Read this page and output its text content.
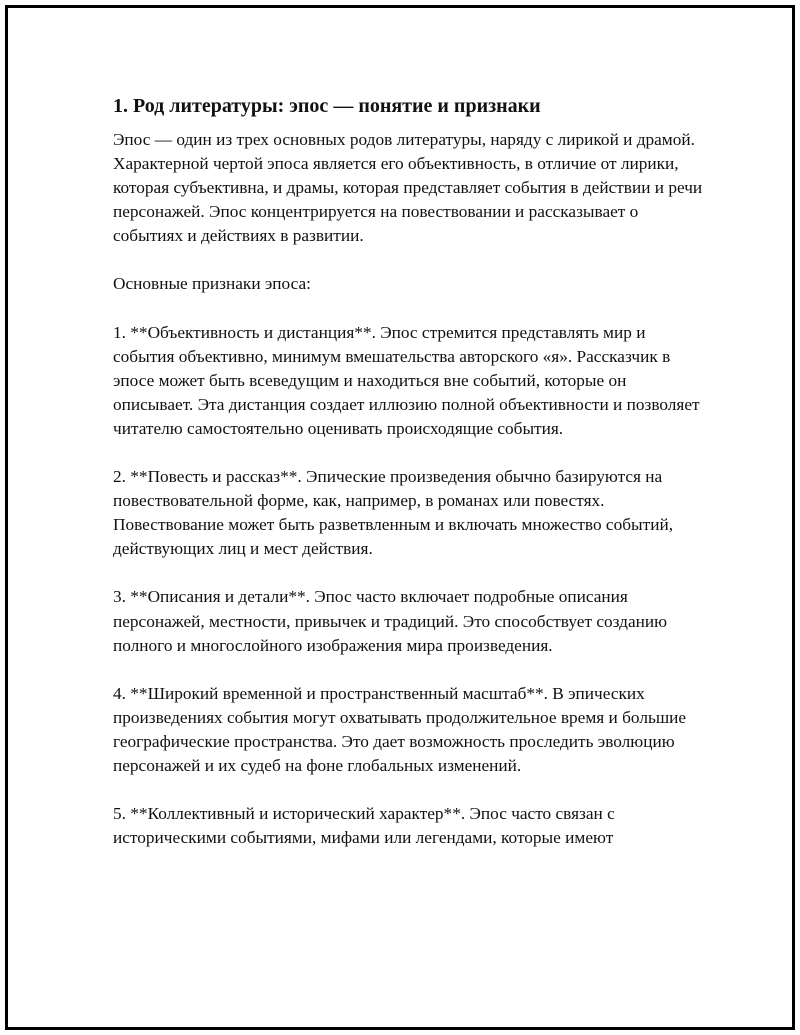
1. Род литературы: эпос — понятие и признаки

Эпос — один из трех основных родов литературы, наряду с лирикой и драмой. Характерной чертой эпоса является его объективность, в отличие от лирики, которая субъективна, и драмы, которая представляет события в действии и речи персонажей. Эпос концентрируется на повествовании и рассказывает о событиях и действиях в развитии.

Основные признаки эпоса:

1. **Объективность и дистанция**. Эпос стремится представлять мир и события объективно, минимум вмешательства авторского «я». Рассказчик в эпосе может быть всеведущим и находиться вне событий, которые он описывает. Эта дистанция создает иллюзию полной объективности и позволяет читателю самостоятельно оценивать происходящие события.

2. **Повесть и рассказ**. Эпические произведения обычно базируются на повествовательной форме, как, например, в романах или повестях. Повествование может быть разветвленным и включать множество событий, действующих лиц и мест действия.

3. **Описания и детали**. Эпос часто включает подробные описания персонажей, местности, привычек и традиций. Это способствует созданию полного и многослойного изображения мира произведения.

4. **Широкий временной и пространственный масштаб**. В эпических произведениях события могут охватывать продолжительное время и большие географические пространства. Это дает возможность проследить эволюцию персонажей и их судеб на фоне глобальных изменений.

5. **Коллективный и исторический характер**. Эпос часто связан с историческими событиями, мифами или легендами, которые имеют
